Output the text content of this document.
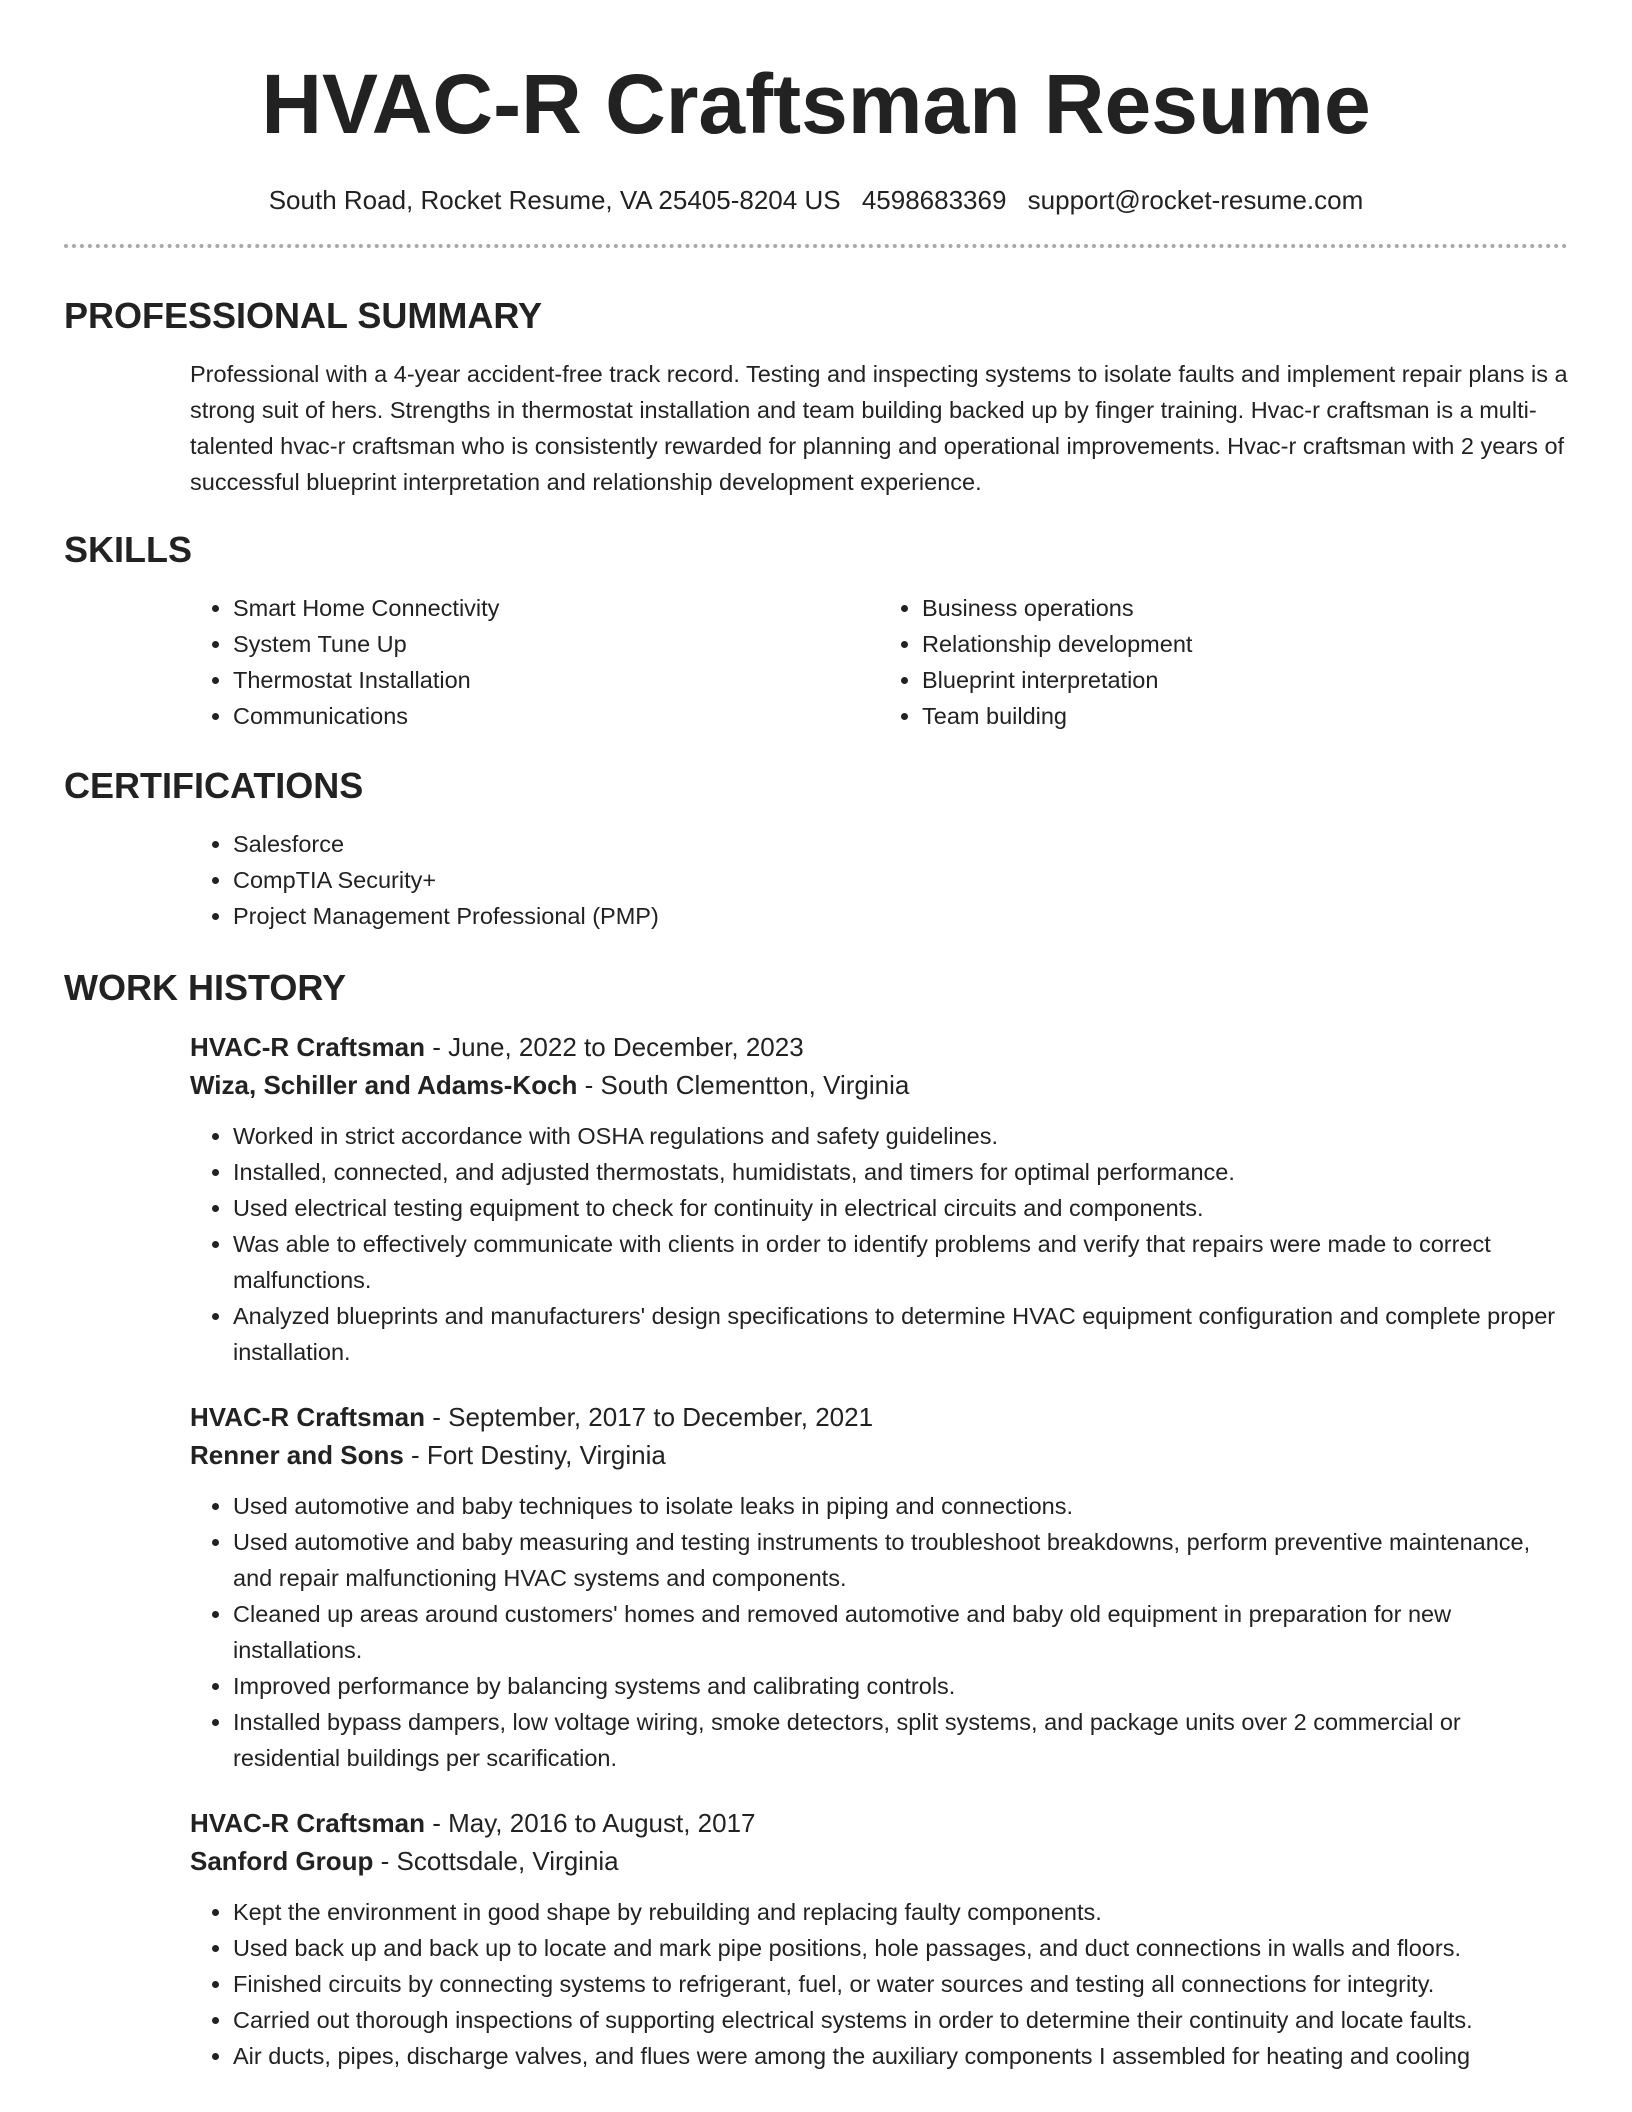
HVAC-R Craftsman Resume
South Road, Rocket Resume, VA 25405-8204 US 4598683369 support@rocket-resume.com
PROFESSIONAL SUMMARY
Professional with a 4-year accident-free track record. Testing and inspecting systems to isolate faults and implement repair plans is a strong suit of hers. Strengths in thermostat installation and team building backed up by finger training. Hvac-r craftsman is a multi-talented hvac-r craftsman who is consistently rewarded for planning and operational improvements. Hvac-r craftsman with 2 years of successful blueprint interpretation and relationship development experience.
SKILLS
• Smart Home Connectivity
• System Tune Up
• Thermostat Installation
• Communications
• Business operations
• Relationship development
• Blueprint interpretation
• Team building
CERTIFICATIONS
• Salesforce
• CompTIA Security+
• Project Management Professional (PMP)
WORK HISTORY
HVAC-R Craftsman - June, 2022 to December, 2023
Wiza, Schiller and Adams-Koch - South Clementton, Virginia
• Worked in strict accordance with OSHA regulations and safety guidelines.
• Installed, connected, and adjusted thermostats, humidistats, and timers for optimal performance.
• Used electrical testing equipment to check for continuity in electrical circuits and components.
• Was able to effectively communicate with clients in order to identify problems and verify that repairs were made to correct malfunctions.
• Analyzed blueprints and manufacturers' design specifications to determine HVAC equipment configuration and complete proper installation.
HVAC-R Craftsman - September, 2017 to December, 2021
Renner and Sons - Fort Destiny, Virginia
• Used automotive and baby techniques to isolate leaks in piping and connections.
• Used automotive and baby measuring and testing instruments to troubleshoot breakdowns, perform preventive maintenance, and repair malfunctioning HVAC systems and components.
• Cleaned up areas around customers' homes and removed automotive and baby old equipment in preparation for new installations.
• Improved performance by balancing systems and calibrating controls.
• Installed bypass dampers, low voltage wiring, smoke detectors, split systems, and package units over 2 commercial or residential buildings per scarification.
HVAC-R Craftsman - May, 2016 to August, 2017
Sanford Group - Scottsdale, Virginia
• Kept the environment in good shape by rebuilding and replacing faulty components.
• Used back up and back up to locate and mark pipe positions, hole passages, and duct connections in walls and floors.
• Finished circuits by connecting systems to refrigerant, fuel, or water sources and testing all connections for integrity.
• Carried out thorough inspections of supporting electrical systems in order to determine their continuity and locate faults.
• Air ducts, pipes, discharge valves, and flues were among the auxiliary components I assembled for heating and cooling
